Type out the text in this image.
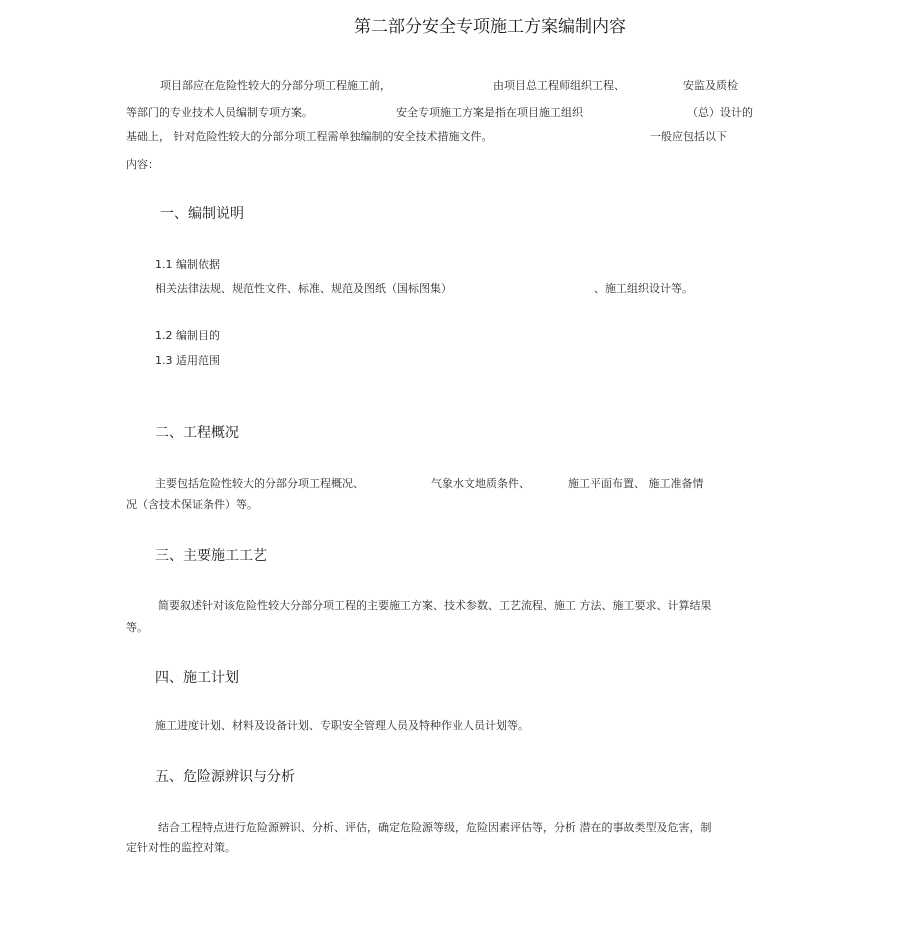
第二部分安全专项施工方案编制内容
项目部应在危险性较大的分部分项工程施工前，	由项目总工程师组织工程、	安监及质检
等部门的专业技术人员编制专项方案。	安全专项施工方案是指在项目施工组织	（总）设计的
基础上， 针对危险性较大的分部分项工程需单独编制的安全技术措施文件。	一般应包括以下
内容：
一、编制说明
1.1 编制依据
相关法律法规、规范性文件、标准、规范及图纸（国标图集）	、施工组织设计等。
1.2 编制目的
1.3 适用范围
二、工程概况
主要包括危险性较大的分部分项工程概况、	气象水文地质条件、	施工平面布置、 施工准备情
况（含技术保证条件）等。
三、主要施工工艺
简要叙述针对该危险性较大分部分项工程的主要施工方案、技术参数、工艺流程、施工 方法、施工要求、计算结果
等。
四、施工计划
施工进度计划、材料及设备计划、专职安全管理人员及特种作业人员计划等。
五、危险源辨识与分析
结合工程特点进行危险源辨识、分析、评估，确定危险源等级，危险因素评估等，分析 潜在的事故类型及危害，制
定针对性的监控对策。
